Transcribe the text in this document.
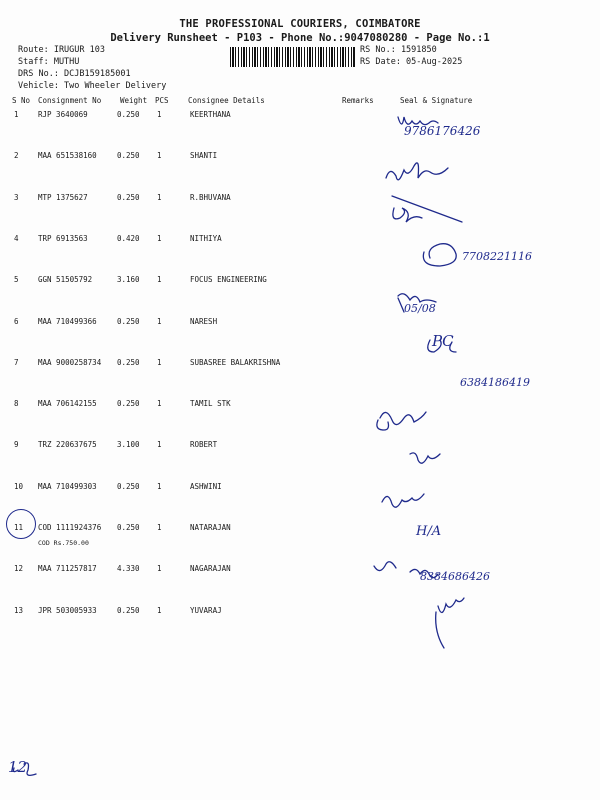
THE PROFESSIONAL COURIERS, COIMBATORE
Delivery Runsheet - P103 - Phone No.:9047080280 - Page No.:1
Route: IRUGUR 103
Staff: MUTHU
DRS No.: DCJB159185001
Vehicle: Two Wheeler Delivery
RS No.: 1591850
RS Date: 05-Aug-2025
S No Consignment No	Weight PCS	Consignee Details	Remarks	Seal & Signature
1	RJP 3640069	0.250 1	KEERTHANA
2	MAA 651538160	0.250 1	SHANTI
3	MTP 1375627	0.250 1	R.BHUVANA
4	TRP 6913563	0.420 1	NITHIYA
5	GGN 51505792	3.160 1	FOCUS ENGINEERING
6	MAA 710499366	0.250 1	NARESH
7	MAA 9000258734 0.250 1	SUBASREE BALAKRISHNA
8	MAA 706142155	0.250 1	TAMIL STK
9	TRZ 220637675	3.100 1	ROBERT
10 MAA 710499303	0.250 1	ASHWINI
11 COD 1111924376 0.250 1	NATARAJAN
COD Rs.750.00
12 MAA 711257817	4.330 1	NAGARAJAN
13 JPR 503005933	0.250 1	YUVARAJ
9786176426
7708221116
05/08
PC
6384186419
H/A
8384686426
12
